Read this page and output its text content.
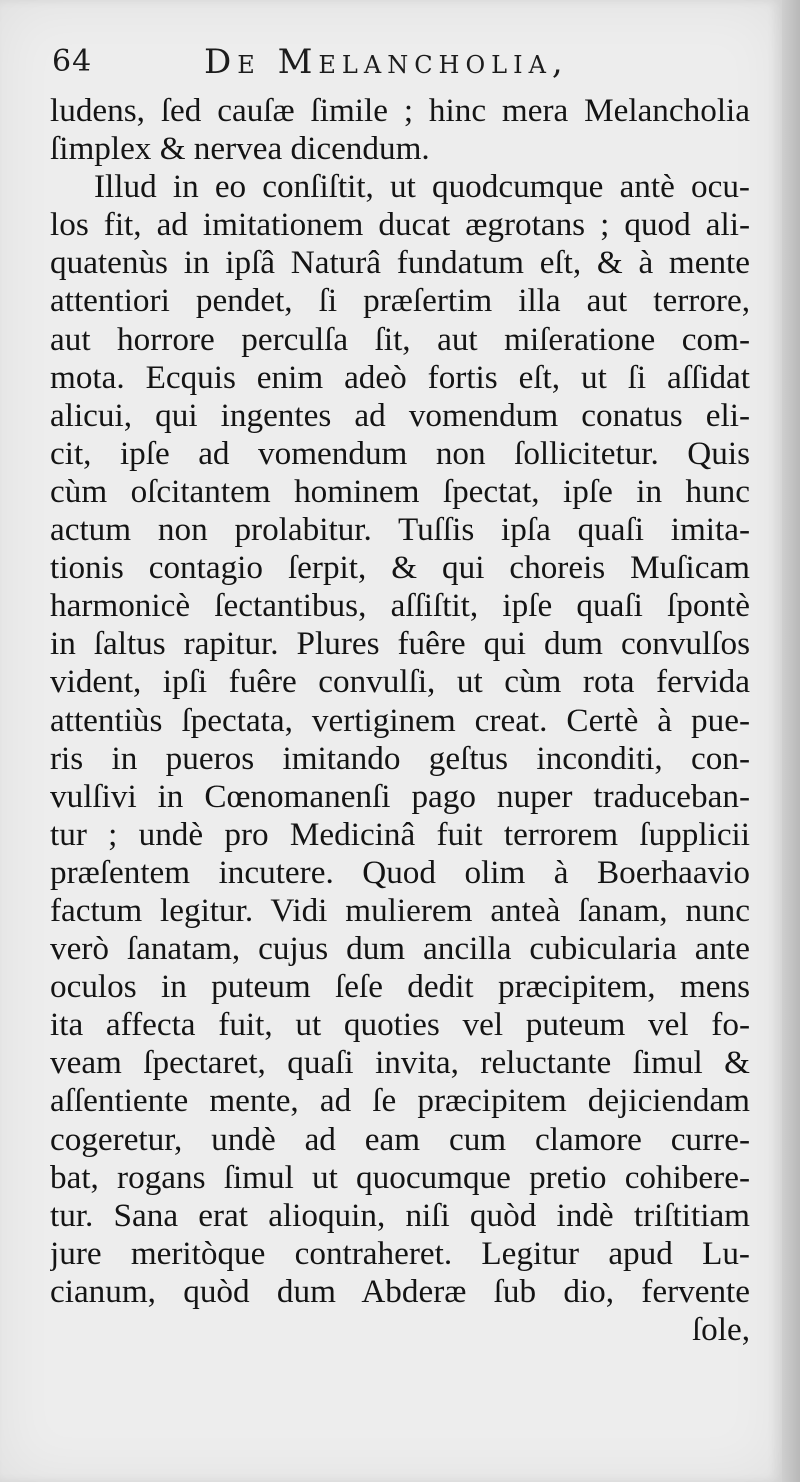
64	De Melancholia,
ludens, ſed cauſæ ſimile ; hinc mera Melancholia
ſimplex & nervea dicendum.
Illud in eo conſiſtit, ut quodcumque antè ocu-
los fit, ad imitationem ducat ægrotans ; quod ali-
quatenùs in ipſâ Naturâ fundatum eſt, & à mente
attentiori pendet, ſi præſertim illa aut terrore,
aut horrore perculſa ſit, aut miſeratione com-
mota. Ecquis enim adeò fortis eſt, ut ſi aſſidat
alicui, qui ingentes ad vomendum conatus eli-
cit, ipſe ad vomendum non ſollicitetur. Quis
cùm oſcitantem hominem ſpectat, ipſe in hunc
actum non prolabitur. Tuſſis ipſa quaſi imita-
tionis contagio ſerpit, & qui choreis Muſicam
harmonicè ſectantibus, aſſiſtit, ipſe quaſi ſpontè
in ſaltus rapitur. Plures fuêre qui dum convulſos
vident, ipſi fuêre convulſi, ut cùm rota fervida
attentiùs ſpectata, vertiginem creat. Certè à pue-
ris in pueros imitando geſtus inconditi, con-
vulſivi in Cœnomanenſi pago nuper traduceban-
tur ; undè pro Medicinâ fuit terrorem ſupplicii
præſentem incutere. Quod olim à Boerhaavio
factum legitur. Vidi mulierem anteà ſanam, nunc
verò ſanatam, cujus dum ancilla cubicularia ante
oculos in puteum ſeſe dedit præcipitem, mens
ita affecta fuit, ut quoties vel puteum vel fo-
veam ſpectaret, quaſi invita, reluctante ſimul &
aſſentiente mente, ad ſe præcipitem dejiciendam
cogeretur, undè ad eam cum clamore curre-
bat, rogans ſimul ut quocumque pretio cohibere-
tur. Sana erat alioquin, niſi quòd indè triſtitiam
jure meritòque contraheret. Legitur apud Lu-
cianum, quòd dum Abderæ ſub dio, fervente
ſole,
